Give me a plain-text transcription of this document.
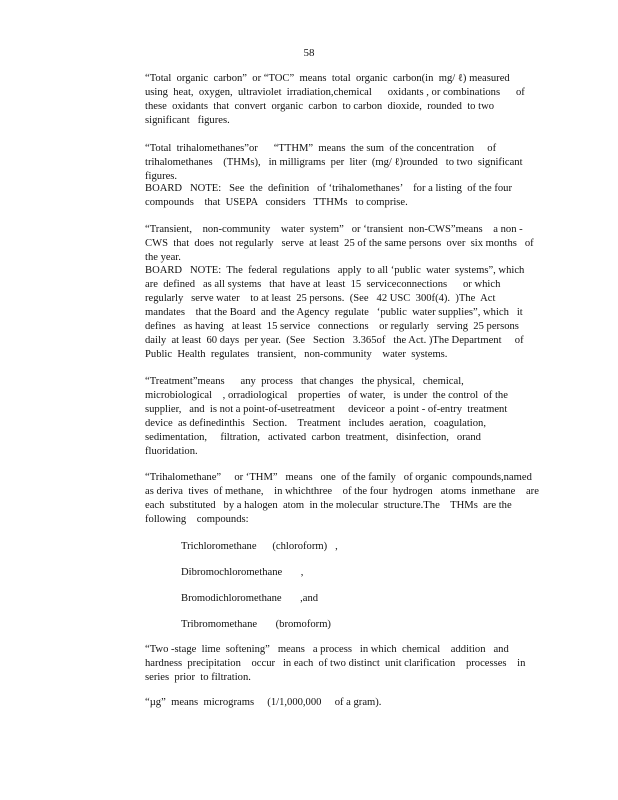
58
“Total  organic  carbon”  or “TOC”  means  total  organic  carbon(in  mg/ ℓ) measured
using  heat,  oxygen,  ultraviolet  irradiation,chemical      oxidants , or combinations      of
these  oxidants  that  convert  organic  carbon  to carbon  dioxide,  rounded  to two
significant   figures.
“Total  trihalomethanes”or      “TTHM”  means  the sum  of the concentration     of
trihalomethanes    (THMs),   in milligrams  per  liter  (mg/ ℓ)rounded   to two  significant
figures.
BOARD   NOTE:   See  the  definition   of ‘trihalomethanes’    for a listing  of the four
compounds    that  USEPA   considers   TTHMs   to comprise.
“Transient,    non-community    water  system”   or ‘transient  non-CWS”means    a non -
CWS  that  does  not regularly   serve  at least  25 of the same persons  over  six months   of
the year.
BOARD   NOTE:  The  federal  regulations   apply  to all ‘public  water  systems”, which
are  defined   as all systems   that  have at  least  15  serviceconnections      or which
regularly   serve water    to at least  25 persons.  (See   42 USC  300f(4).  )The  Act
mandates    that the Board  and  the Agency  regulate   ‘public  water supplies”, which   it
defines   as having   at least  15 service   connections    or regularly   serving  25 persons
daily  at least  60 days  per year.  (See   Section   3.365of   the Act. )The Department     of
Public  Health  regulates   transient,   non-community    water  systems.
“Treatment”means      any  process   that changes   the physical,   chemical,
microbiological    , orradiological    properties   of water,   is under  the control  of the
supplier,   and  is not a point-of-usetreatment     deviceor  a point - of-entry  treatment
device  as definedinthis   Section.    Treatment   includes  aeration,   coagulation,
sedimentation,     filtration,   activated  carbon  treatment,   disinfection,   orand
fluoridation.
“Trihalomethane”     or ‘THM”   means   one  of the family   of organic  compounds,named
as deriva  tives  of methane,    in whichthree    of the four  hydrogen   atoms  inmethane    are
each  substituted   by a halogen  atom  in the molecular  structure.The    THMs  are the
following    compounds:
Trichloromethane      (chloroform)   ,
Dibromochloromethane       ,
Bromodichloromethane       ,and
Tribromomethane       (bromoform)
“Two -stage  lime  softening”   means   a process   in which  chemical    addition   and
hardness  precipitation    occur   in each  of two distinct  unit clarification    processes    in
series  prior  to filtration.
“µg”  means  micrograms     (1/1,000,000     of a gram).
